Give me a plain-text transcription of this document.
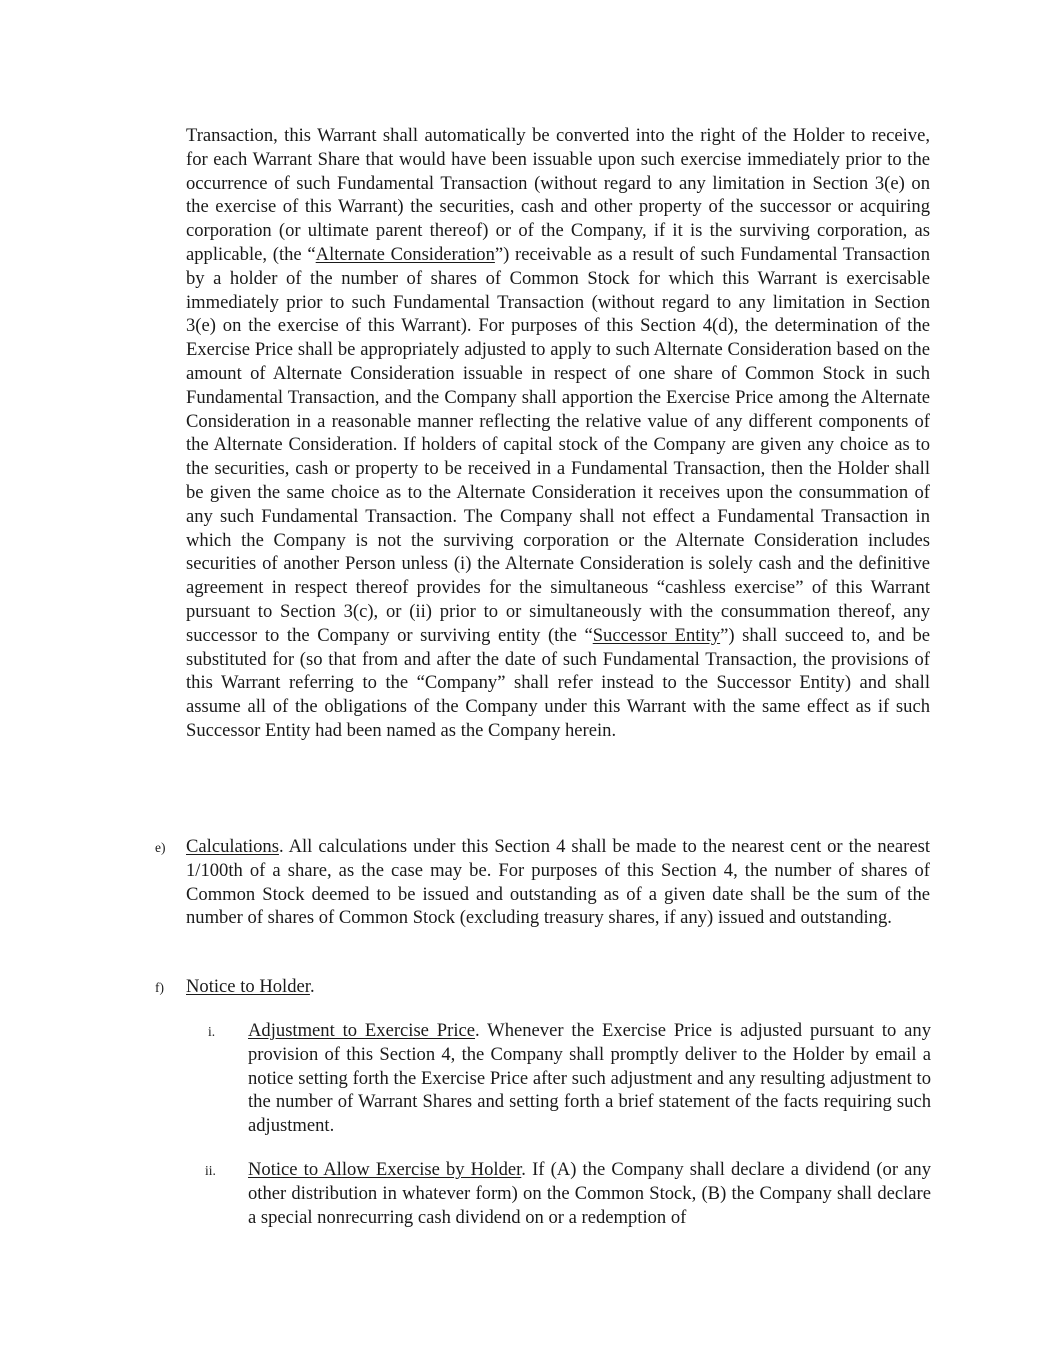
Transaction, this Warrant shall automatically be converted into the right of the Holder to receive, for each Warrant Share that would have been issuable upon such exercise immediately prior to the occurrence of such Fundamental Transaction (without regard to any limitation in Section 3(e) on the exercise of this Warrant) the securities, cash and other property of the successor or acquiring corporation (or ultimate parent thereof) or of the Company, if it is the surviving corporation, as applicable, (the “Alternate Consideration”) receivable as a result of such Fundamental Transaction by a holder of the number of shares of Common Stock for which this Warrant is exercisable immediately prior to such Fundamental Transaction (without regard to any limitation in Section 3(e) on the exercise of this Warrant). For purposes of this Section 4(d), the determination of the Exercise Price shall be appropriately adjusted to apply to such Alternate Consideration based on the amount of Alternate Consideration issuable in respect of one share of Common Stock in such Fundamental Transaction, and the Company shall apportion the Exercise Price among the Alternate Consideration in a reasonable manner reflecting the relative value of any different components of the Alternate Consideration. If holders of capital stock of the Company are given any choice as to the securities, cash or property to be received in a Fundamental Transaction, then the Holder shall be given the same choice as to the Alternate Consideration it receives upon the consummation of any such Fundamental Transaction. The Company shall not effect a Fundamental Transaction in which the Company is not the surviving corporation or the Alternate Consideration includes securities of another Person unless (i) the Alternate Consideration is solely cash and the definitive agreement in respect thereof provides for the simultaneous “cashless exercise” of this Warrant pursuant to Section 3(c), or (ii) prior to or simultaneously with the consummation thereof, any successor to the Company or surviving entity (the “Successor Entity”) shall succeed to, and be substituted for (so that from and after the date of such Fundamental Transaction, the provisions of this Warrant referring to the “Company” shall refer instead to the Successor Entity) and shall assume all of the obligations of the Company under this Warrant with the same effect as if such Successor Entity had been named as the Company herein.

e) Calculations. All calculations under this Section 4 shall be made to the nearest cent or the nearest 1/100th of a share, as the case may be. For purposes of this Section 4, the number of shares of Common Stock deemed to be issued and outstanding as of a given date shall be the sum of the number of shares of Common Stock (excluding treasury shares, if any) issued and outstanding.

f) Notice to Holder.

i. Adjustment to Exercise Price. Whenever the Exercise Price is adjusted pursuant to any provision of this Section 4, the Company shall promptly deliver to the Holder by email a notice setting forth the Exercise Price after such adjustment and any resulting adjustment to the number of Warrant Shares and setting forth a brief statement of the facts requiring such adjustment.

ii. Notice to Allow Exercise by Holder. If (A) the Company shall declare a dividend (or any other distribution in whatever form) on the Common Stock, (B) the Company shall declare a special nonrecurring cash dividend on or a redemption of
